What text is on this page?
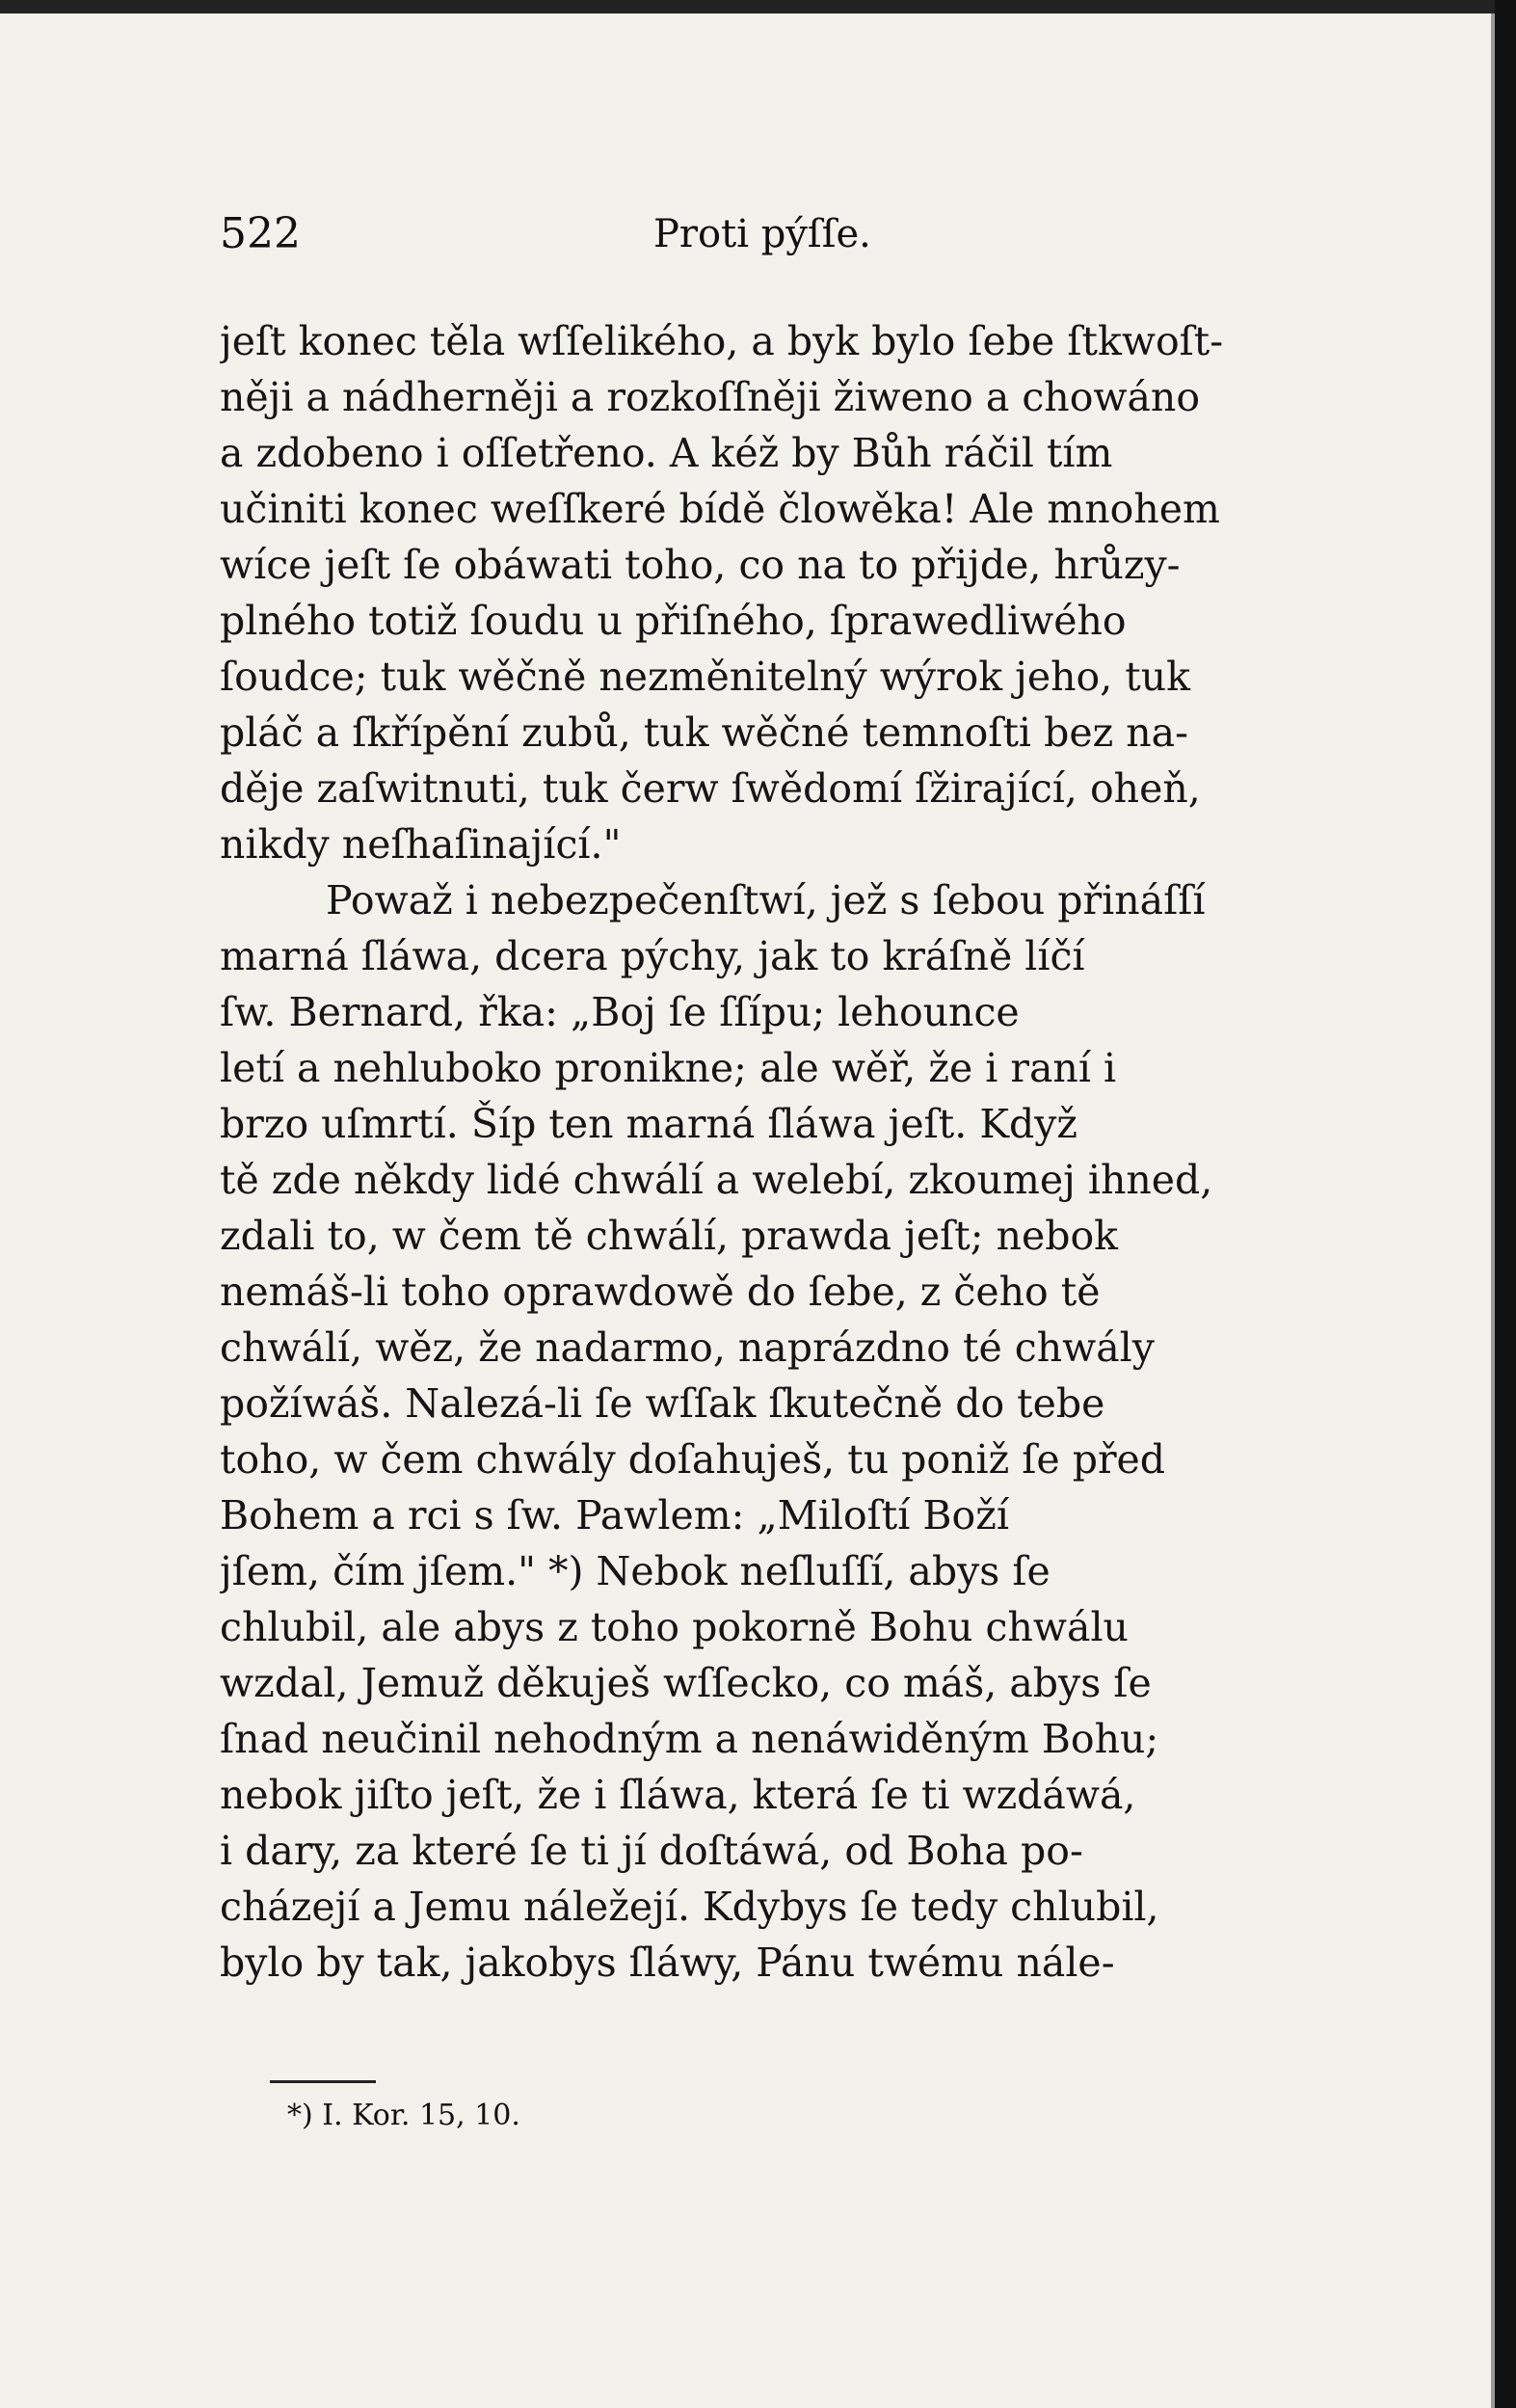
522	Proti pýſſe.
jeſt konec těla wſſelikého, a byk bylo ſebe ſtkwoſt-
něji a nádherněji a rozkoſſněji žiweno a chowáno
a zdobeno i oſſetřeno. A kéž by Bůh ráčil tím
učiniti konec weſſkeré bídě člowěka! Ale mnohem
wíce jeſt ſe obáwati toho, co na to přijde, hrůzy-
plného totiž ſoudu u přiſného, ſprawedliwého
ſoudce; tuk wěčně nezměnitelný wýrok jeho, tuk
pláč a ſkřípění zubů, tuk wěčné temnoſti bez na-
děje zaſwitnuti, tuk čerw ſwědomí ſžirající, oheň,
nikdy neſhaſinající."
Powaž i nebezpečenſtwí, jež s ſebou přináſſí
marná ſláwa, dcera pýchy, jak to kráſně líčí
ſw. Bernard, řka: „Boj ſe ſſípu; lehounce
letí a nehluboko pronikne; ale wěř, že i raní i
brzo uſmrtí. Šíp ten marná ſláwa jeſt. Když
tě zde někdy lidé chwálí a welebí, zkoumej ihned,
zdali to, w čem tě chwálí, prawda jeſt; nebok
nemáš-li toho oprawdowě do ſebe, z čeho tě
chwálí, wěz, že nadarmo, naprázdno té chwály
požíwáš. Nalezá-li ſe wſſak ſkutečně do tebe
toho, w čem chwály doſahuješ, tu poniž ſe před
Bohem a rci s ſw. Pawlem: „Miloſtí Boží
jſem, čím jſem." *) Nebok neſluſſí, abys ſe
chlubil, ale abys z toho pokorně Bohu chwálu
wzdal, Jemuž děkuješ wſſecko, co máš, abys ſe
ſnad neučinil nehodným a nenáwiděným Bohu;
nebok jiſto jeſt, že i ſláwa, která ſe ti wzdáwá,
i dary, za které ſe ti jí doſtáwá, od Boha po-
cházejí a Jemu náležejí. Kdybys ſe tedy chlubil,
bylo by tak, jakobys ſláwy, Pánu twému nále-
*) I. Kor. 15, 10.
